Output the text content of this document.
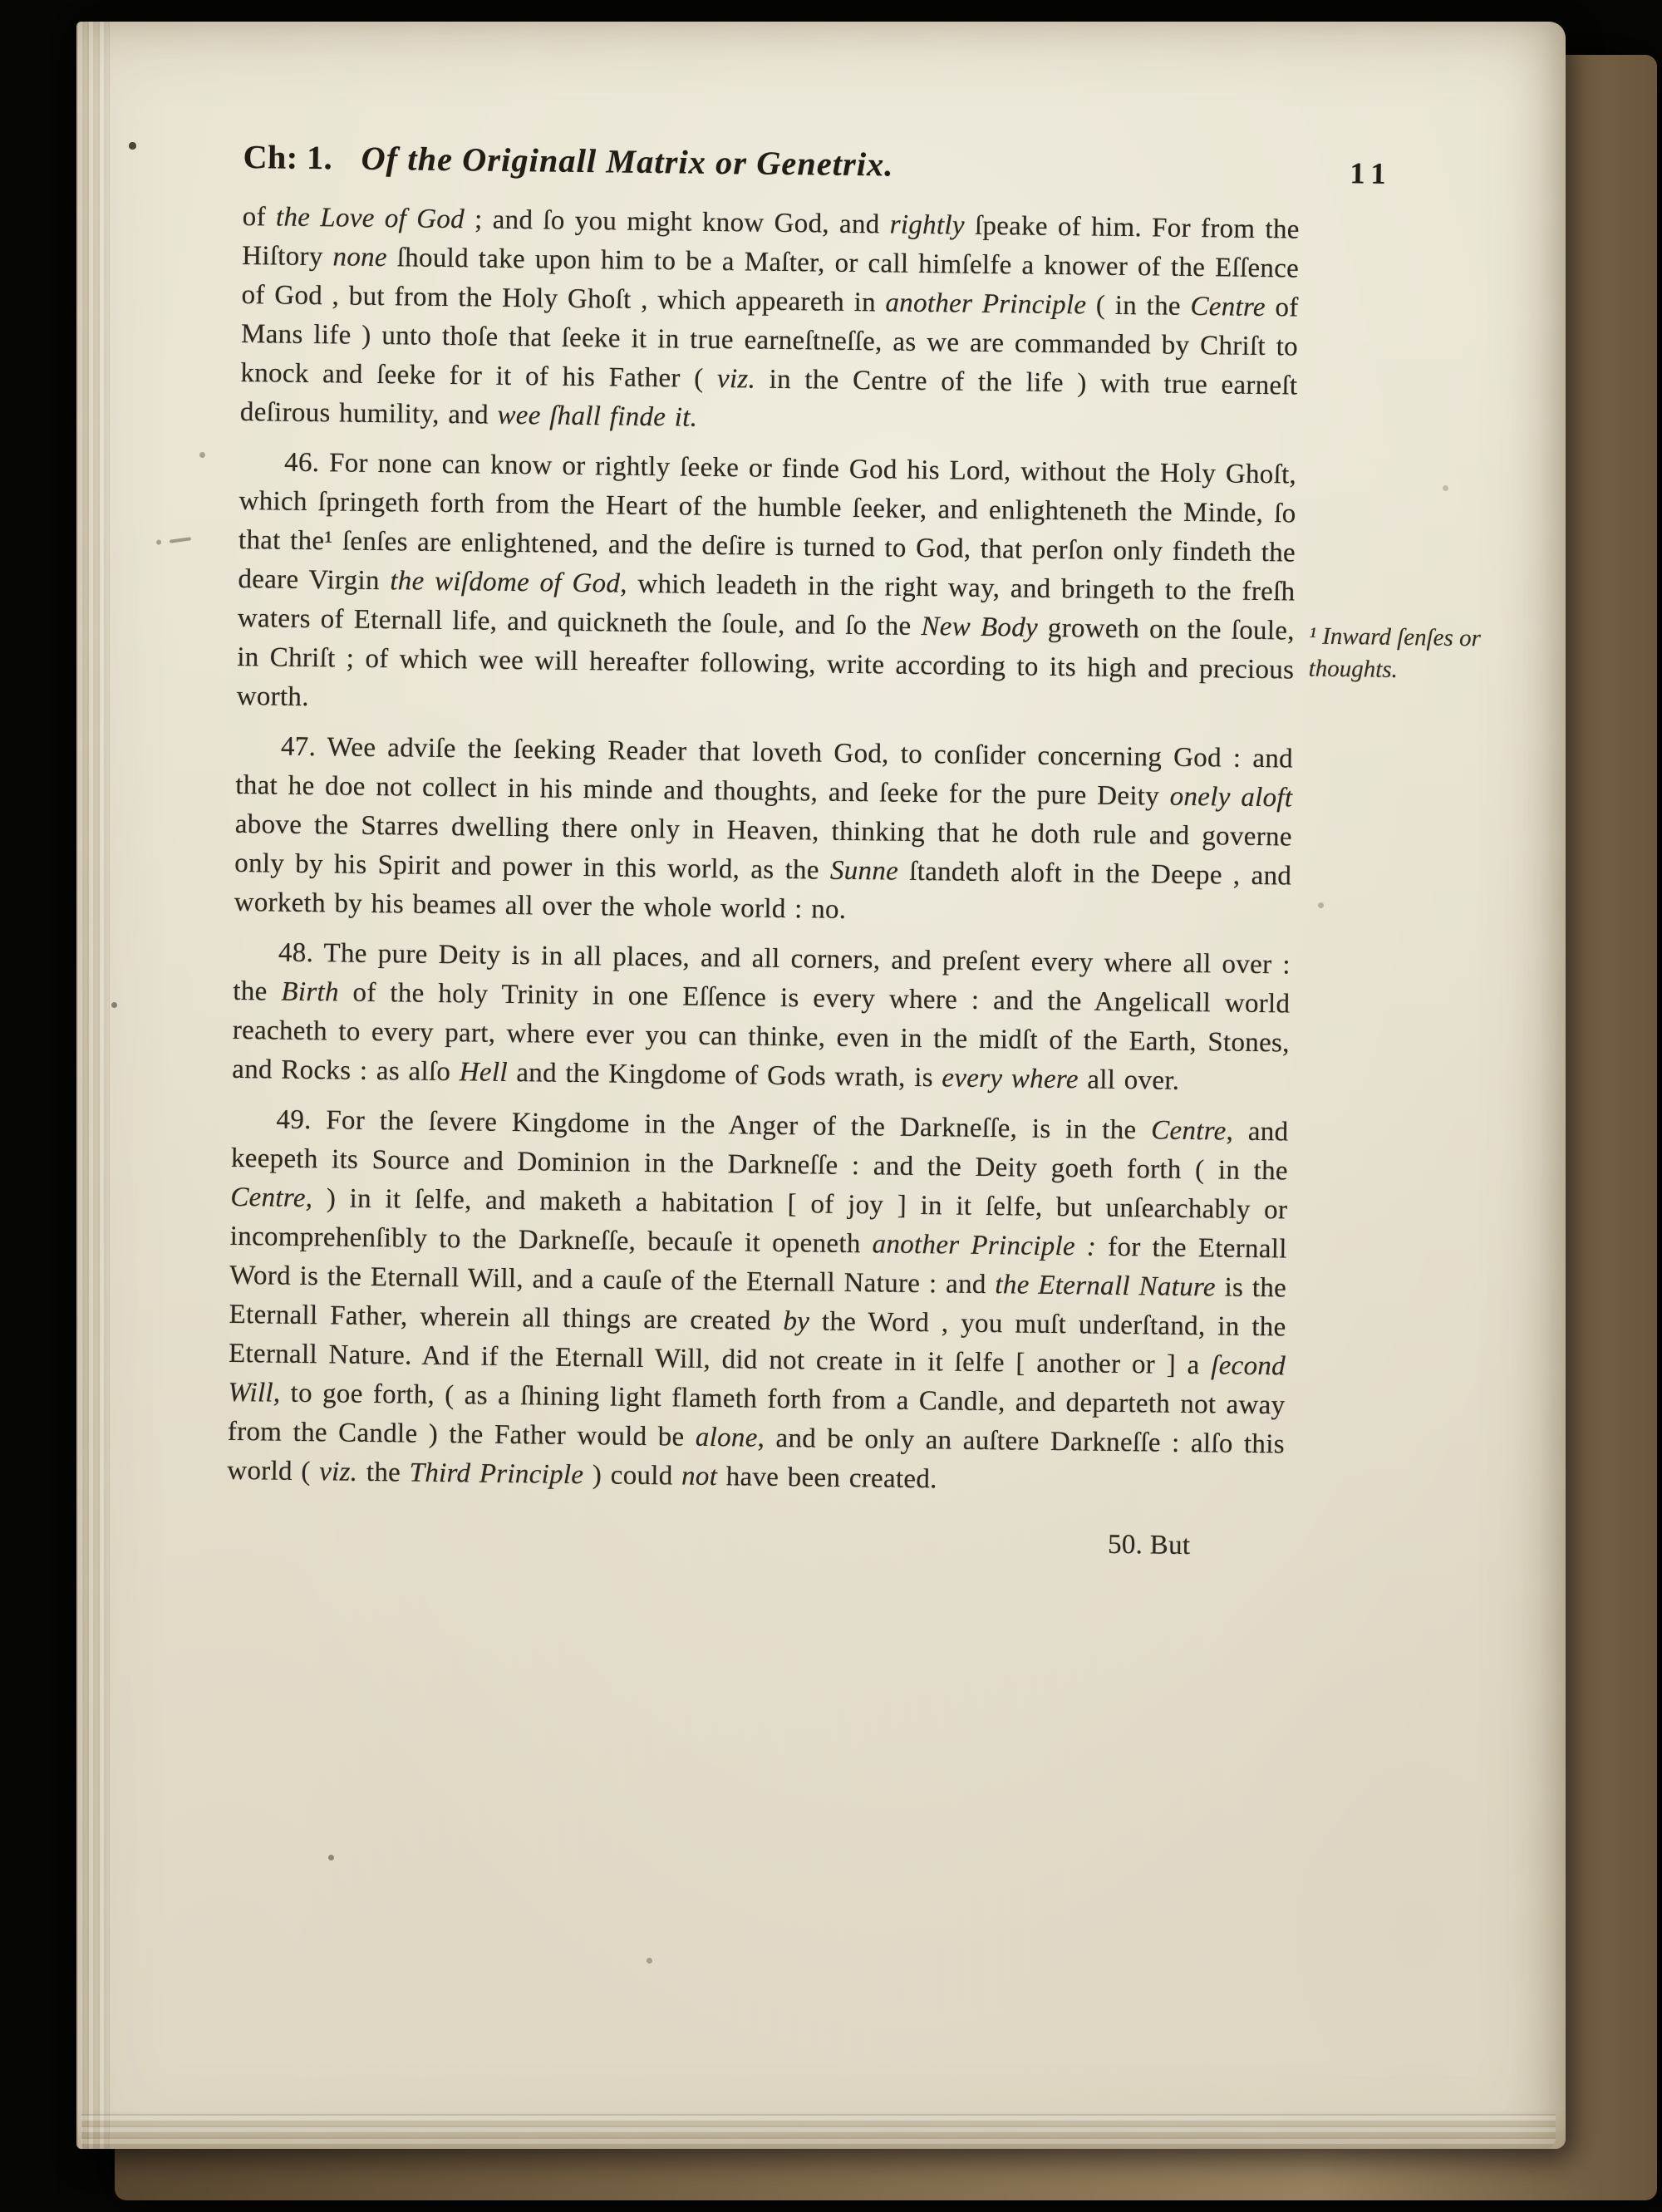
Ch: 1. Of the Originall Matrix or Genetrix.	11

of the Love of God ; and ſo you might know God, and rightly ſpeake of him. For from the Hiſtory none ſhould take upon him to be a Maſter, or call himſelfe a knower of the Eſſence of God , but from the Holy Ghoſt , which appeareth in another Principle ( in the Centre of Mans life ) unto thoſe that ſeeke it in true earneſtneſſe, as we are commanded by Chriſt to knock and ſeeke for it of his Father ( viz. in the Centre of the life ) with true earneſt deſirous humility, and wee ſhall finde it.

46. For none can know or rightly ſeeke or finde God his Lord, without the Holy Ghoſt, which ſpringeth forth from the Heart of the humble ſeeker, and enlighteneth the Minde, ſo that the¹ ſenſes are enlightened, and the deſire is turned to God, that perſon only findeth the deare Virgin the wiſdome of God, which leadeth in the right way, and bringeth to the freſh waters of Eternall life, and quickneth the ſoule, and ſo the New Body groweth on the ſoule, in Chriſt ; of which wee will hereafter following, write according to its high and precious worth.

47. Wee adviſe the ſeeking Reader that loveth God, to conſider concerning God : and that he doe not collect in his minde and thoughts, and ſeeke for the pure Deity onely aloft above the Starres dwelling there only in Heaven, thinking that he doth rule and governe only by his Spirit and power in this world, as the Sunne ſtandeth aloft in the Deepe , and worketh by his beames all over the whole world : no.

48. The pure Deity is in all places, and all corners, and preſent every where all over : the Birth of the holy Trinity in one Eſſence is every where : and the Angelicall world reacheth to every part, where ever you can thinke, even in the midſt of the Earth, Stones, and Rocks : as alſo Hell and the Kingdome of Gods wrath, is every where all over.

49. For the ſevere Kingdome in the Anger of the Darkneſſe, is in the Centre, and keepeth its Source and Dominion in the Darkneſſe : and the Deity goeth forth ( in the Centre, ) in it ſelfe, and maketh a habitation [ of joy ] in it ſelfe, but unſearchably or incomprehenſibly to the Darkneſſe, becauſe it openeth another Principle : for the Eternall Word is the Eternall Will, and a cauſe of the Eternall Nature : and the Eternall Nature is the Eternall Father, wherein all things are created by the Word , you muſt underſtand, in the Eternall Nature. And if the Eternall Will, did not create in it ſelfe [ another or ] a ſecond Will, to goe forth, ( as a ſhining light flameth forth from a Candle, and departeth not away from the Candle ) the Father would be alone, and be only an auſtere Darkneſſe : alſo this world ( viz. the Third Principle ) could not have been created.

50. But
¹ Inward ſenſes or thoughts.
